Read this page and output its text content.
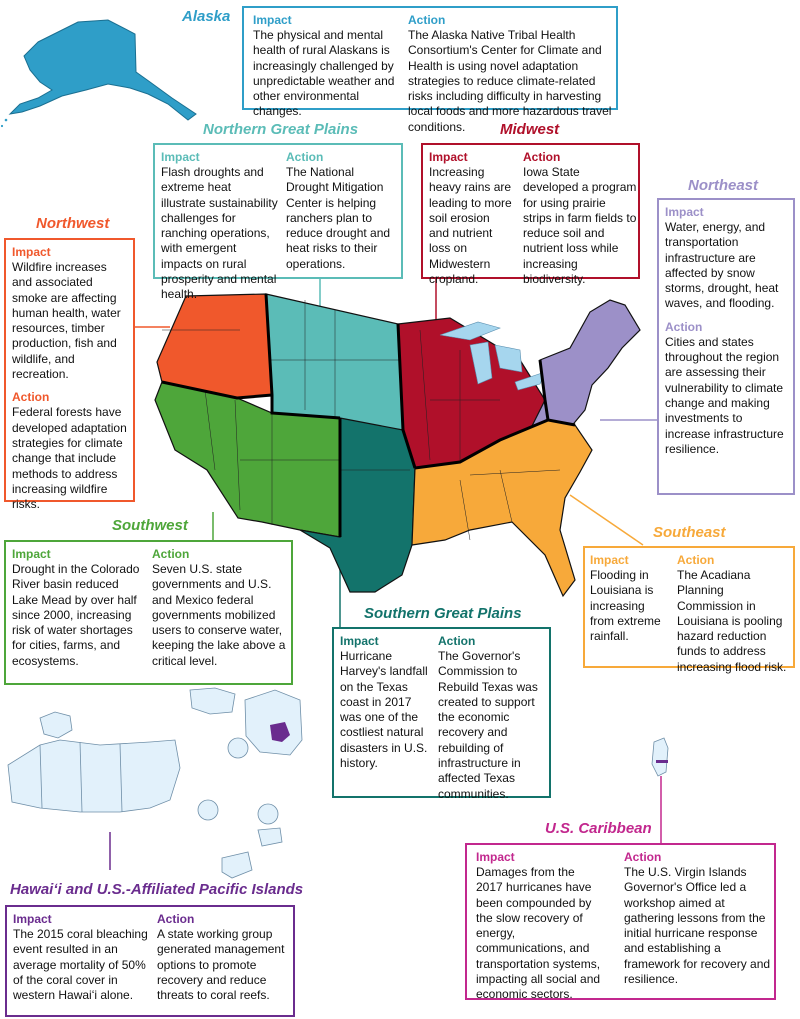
Alaska Impact
The physical and mental health of rural Alaskans is increasingly challenged by unpredictable weather and other environmental changes.
Action
The Alaska Native Tribal Health Consortium's Center for Climate and Health is using novel adaptation strategies to reduce climate-related risks including difficulty in harvesting local foods and more hazardous travel conditions.
Northern Great Plains
Impact
Flash droughts and extreme heat illustrate sustainability challenges for ranching operations, with emergent impacts on rural prosperity and mental health.
Action
The National Drought Mitigation Center is helping ranchers plan to reduce drought and heat risks to their operations.
Midwest
Impact
Increasing heavy rains are leading to more soil erosion and nutrient loss on Midwestern cropland.
Action
Iowa State developed a program for using prairie strips in farm fields to reduce soil and nutrient loss while increasing biodiversity.
Northeast
Impact
Water, energy, and transportation infrastructure are affected by snow storms, drought, heat waves, and flooding.
Action
Cities and states throughout the region are assessing their vulnerability to climate change and making investments to increase infrastructure resilience.
Northwest
Impact
Wildfire increases and associated smoke are affecting human health, water resources, timber production, fish and wildlife, and recreation.
Action
Federal forests have developed adaptation strategies for climate change that include methods to address increasing wildfire risks.
Southwest
Impact
Drought in the Colorado River basin reduced Lake Mead by over half since 2000, increasing risk of water shortages for cities, farms, and ecosystems.
Action
Seven U.S. state governments and U.S. and Mexico federal governments mobilized users to conserve water, keeping the lake above a critical level.
Southeast
Impact
Flooding in Louisiana is increasing from extreme rainfall.
Action
The Acadiana Planning Commission in Louisiana is pooling hazard reduction funds to address increasing flood risk.
Southern Great Plains
Impact
Hurricane Harvey's landfall on the Texas coast in 2017 was one of the costliest natural disasters in U.S. history.
Action
The Governor's Commission to Rebuild Texas was created to support the economic recovery and rebuilding of infrastructure in affected Texas communities.
U.S. Caribbean
Impact
Damages from the 2017 hurricanes have been compounded by the slow recovery of energy, communications, and transportation systems, impacting all social and economic sectors.
Action
The U.S. Virgin Islands Governor's Office led a workshop aimed at gathering lessons from the initial hurricane response and establishing a framework for recovery and resilience.
Hawaiʻi and U.S.-Affiliated Pacific Islands
Impact
The 2015 coral bleaching event resulted in an average mortality of 50% of the coral cover in western Hawaiʻi alone.
Action
A state working group generated management options to promote recovery and reduce threats to coral reefs.
